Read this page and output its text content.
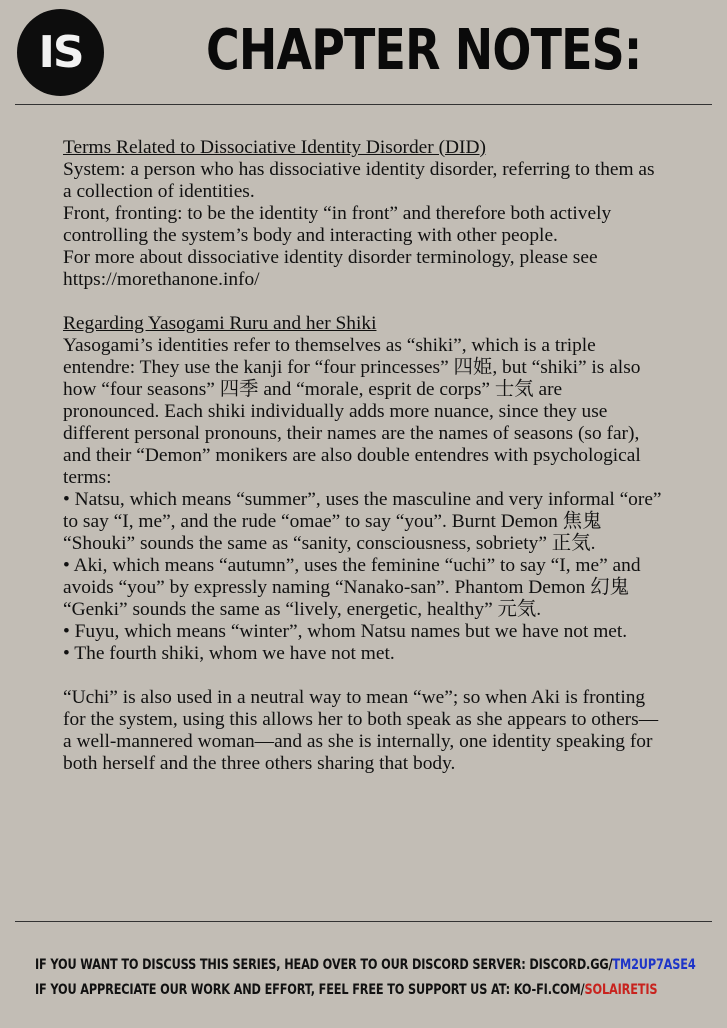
IS CHAPTER NOTES:

Terms Related to Dissociative Identity Disorder (DID)

System: a person who has dissociative identity disorder, referring to them as a collection of identities.

Front, fronting: to be the identity “in front” and therefore both actively controlling the system’s body and interacting with other people.

For more about dissociative identity disorder terminology, please see https://morethanone.info/

Regarding Yasogami Ruru and her Shiki

Yasogami’s identities refer to themselves as “shiki”, which is a triple entendre: They use the kanji for “four princesses” 四姫, but “shiki” is also how “four seasons” 四季 and “morale, esprit de corps” 士気 are pronounced. Each shiki individually adds more nuance, since they use different personal pronouns, their names are the names of seasons (so far), and their “Demon” monikers are also double entendres with psychological terms:

• Natsu, which means “summer”, uses the masculine and very informal “ore” to say “I, me”, and the rude “omae” to say “you”. Burnt Demon 焦鬼 “Shouki” sounds the same as “sanity, consciousness, sobriety” 正気.

• Aki, which means “autumn”, uses the feminine “uchi” to say “I, me” and avoids “you” by expressly naming “Nanako-san”. Phantom Demon 幻鬼 “Genki” sounds the same as “lively, energetic, healthy” 元気.

• Fuyu, which means “winter”, whom Natsu names but we have not met.

• The fourth shiki, whom we have not met.

“Uchi” is also used in a neutral way to mean “we”; so when Aki is fronting for the system, using this allows her to both speak as she appears to others—a well-mannered woman—and as she is internally, one identity speaking for both herself and the three others sharing that body.

IF YOU WANT TO DISCUSS THIS SERIES, HEAD OVER TO OUR DISCORD SERVER: DISCORD.GG/TM2UP7ASE4
IF YOU APPRECIATE OUR WORK AND EFFORT, FEEL FREE TO SUPPORT US AT: KO-FI.COM/SOLAIRETIS
